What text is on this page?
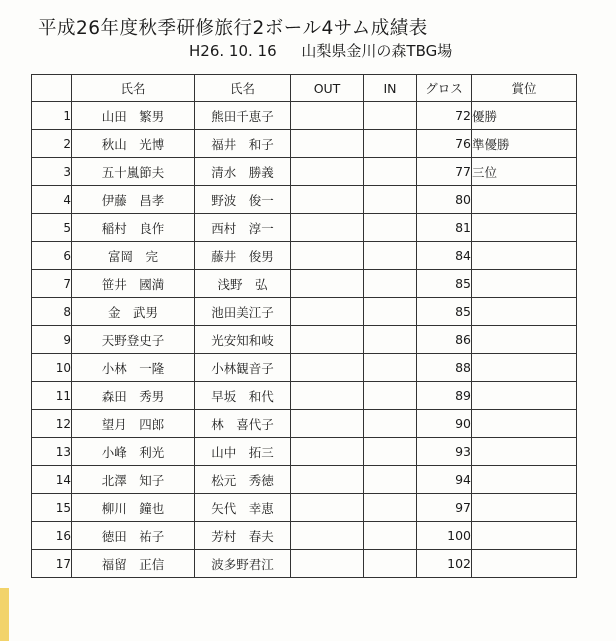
平成26年度秋季研修旅行2ボール4サム成績表
H26. 10. 16 山梨県金川の森TBG場
	氏名	氏名	OUT	IN	グロス	賞位
1	山田　繁男	熊田千恵子			72	優勝
2	秋山　光博	福井　和子			76	準優勝
3	五十嵐節夫	清水　勝義			77	三位
4	伊藤　昌孝	野波　俊一			80	
5	稲村　良作	西村　淳一			81	
6	富岡　完	藤井　俊男			84	
7	笹井　國満	浅野　弘			85	
8	金　武男	池田美江子			85	
9	天野登史子	光安知和岐			86	
10	小林　一隆	小林観音子			88	
11	森田　秀男	早坂　和代			89	
12	望月　四郎	林　喜代子			90	
13	小峰　利光	山中　拓三			93	
14	北澤　知子	松元　秀徳			94	
15	柳川　鐘也	矢代　幸恵			97	
16	徳田　祐子	芳村　春夫			100	
17	福留　正信	波多野君江			102	
